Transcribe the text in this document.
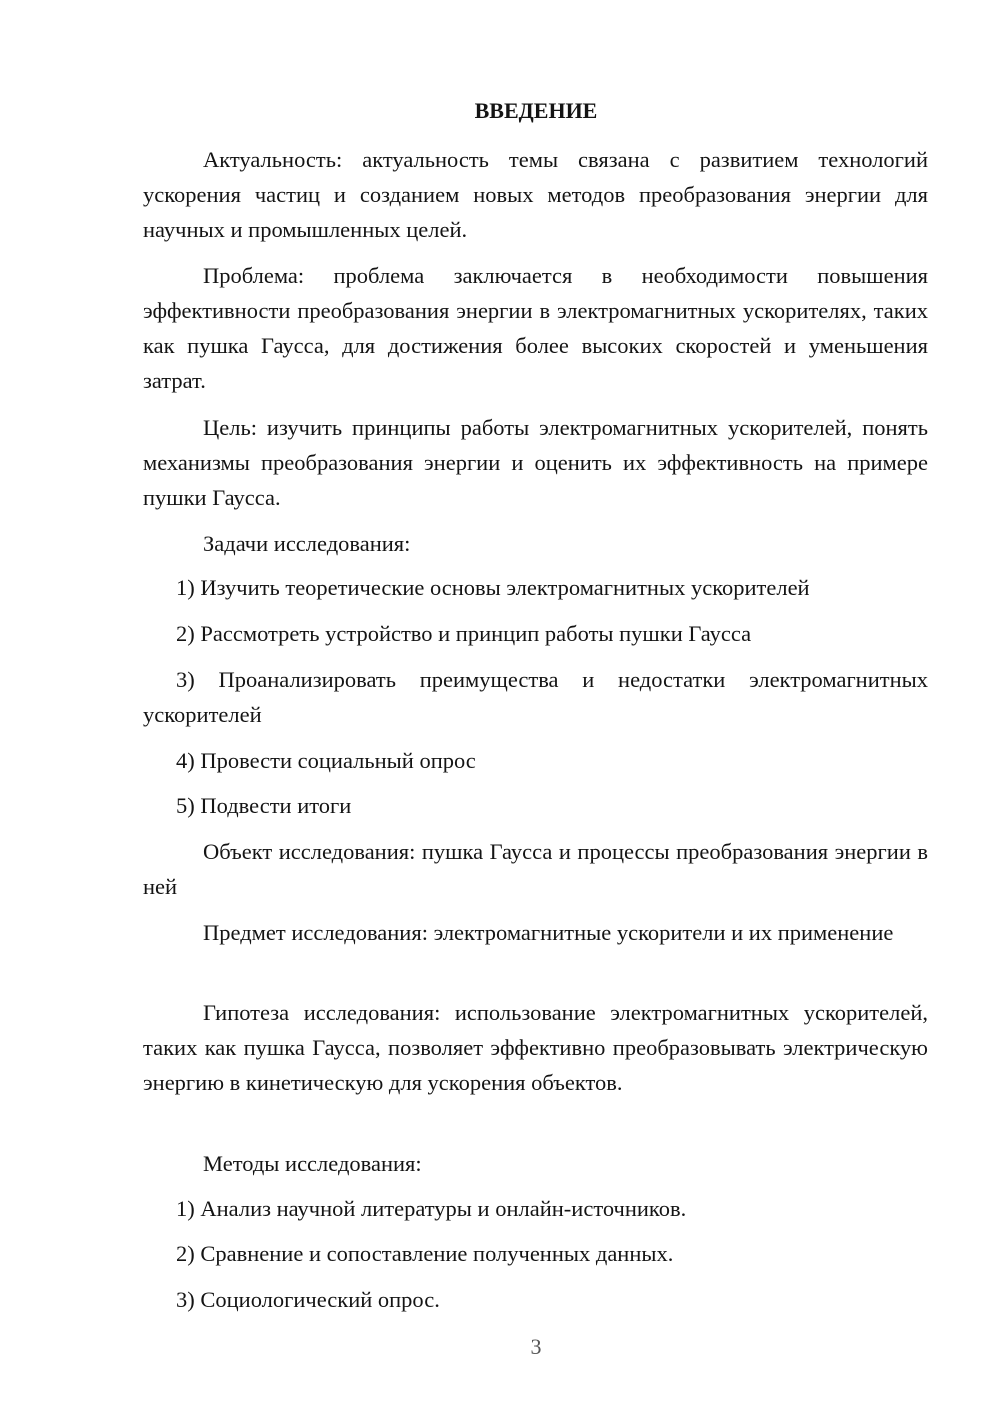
ВВЕДЕНИЕ
Актуальность: актуальность темы связана с развитием технологий ускорения частиц и созданием новых методов преобразования энергии для научных и промышленных целей.
Проблема: проблема заключается в необходимости повышения эффективности преобразования энергии в электромагнитных ускорителях, таких как пушка Гаусса, для достижения более высоких скоростей и уменьшения затрат.
Цель: изучить принципы работы электромагнитных ускорителей, понять механизмы преобразования энергии и оценить их эффективность на примере пушки Гаусса.
Задачи исследования:
1) Изучить теоретические основы электромагнитных ускорителей
2) Рассмотреть устройство и принцип работы пушки Гаусса
3) Проанализировать преимущества и недостатки электромагнитных ускорителей
4) Провести социальный опрос
5) Подвести итоги
Объект исследования: пушка Гаусса и процессы преобразования энергии в ней
Предмет исследования: электромагнитные ускорители и их применение
Гипотеза исследования: использование электромагнитных ускорителей, таких как пушка Гаусса, позволяет эффективно преобразовывать электрическую энергию в кинетическую для ускорения объектов.
Методы исследования:
1) Анализ научной литературы и онлайн-источников.
2) Сравнение и сопоставление полученных данных.
3) Социологический опрос.
3
